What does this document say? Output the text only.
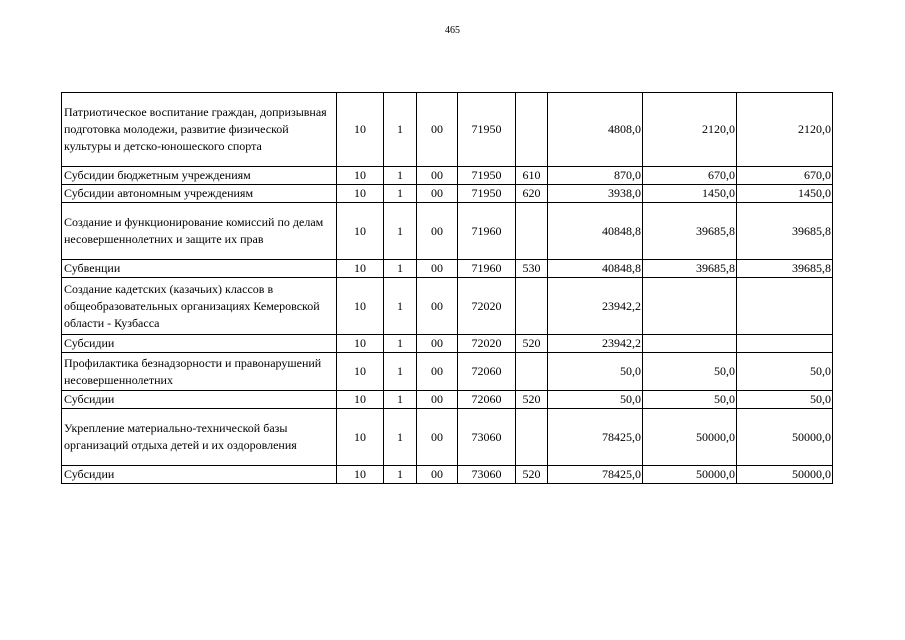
465
Патриотическое воспитание граждан, допризывная подготовка молодежи, развитие физической культуры и детско-юношеского спорта	10	1	00	71950		4808,0	2120,0	2120,0
Субсидии бюджетным учреждениям	10	1	00	71950	610	870,0	670,0	670,0
Субсидии автономным учреждениям	10	1	00	71950	620	3938,0	1450,0	1450,0
Создание и функционирование комиссий по делам несовершеннолетних и защите их прав	10	1	00	71960		40848,8	39685,8	39685,8
Субвенции	10	1	00	71960	530	40848,8	39685,8	39685,8
Создание кадетских (казачьих) классов в общеобразовательных организациях Кемеровской области - Кузбасса	10	1	00	72020		23942,2		
Субсидии	10	1	00	72020	520	23942,2		
Профилактика безнадзорности и правонарушений несовершеннолетних	10	1	00	72060		50,0	50,0	50,0
Субсидии	10	1	00	72060	520	50,0	50,0	50,0
Укрепление материально-технической базы организаций отдыха детей и их оздоровления	10	1	00	73060		78425,0	50000,0	50000,0
Субсидии	10	1	00	73060	520	78425,0	50000,0	50000,0
